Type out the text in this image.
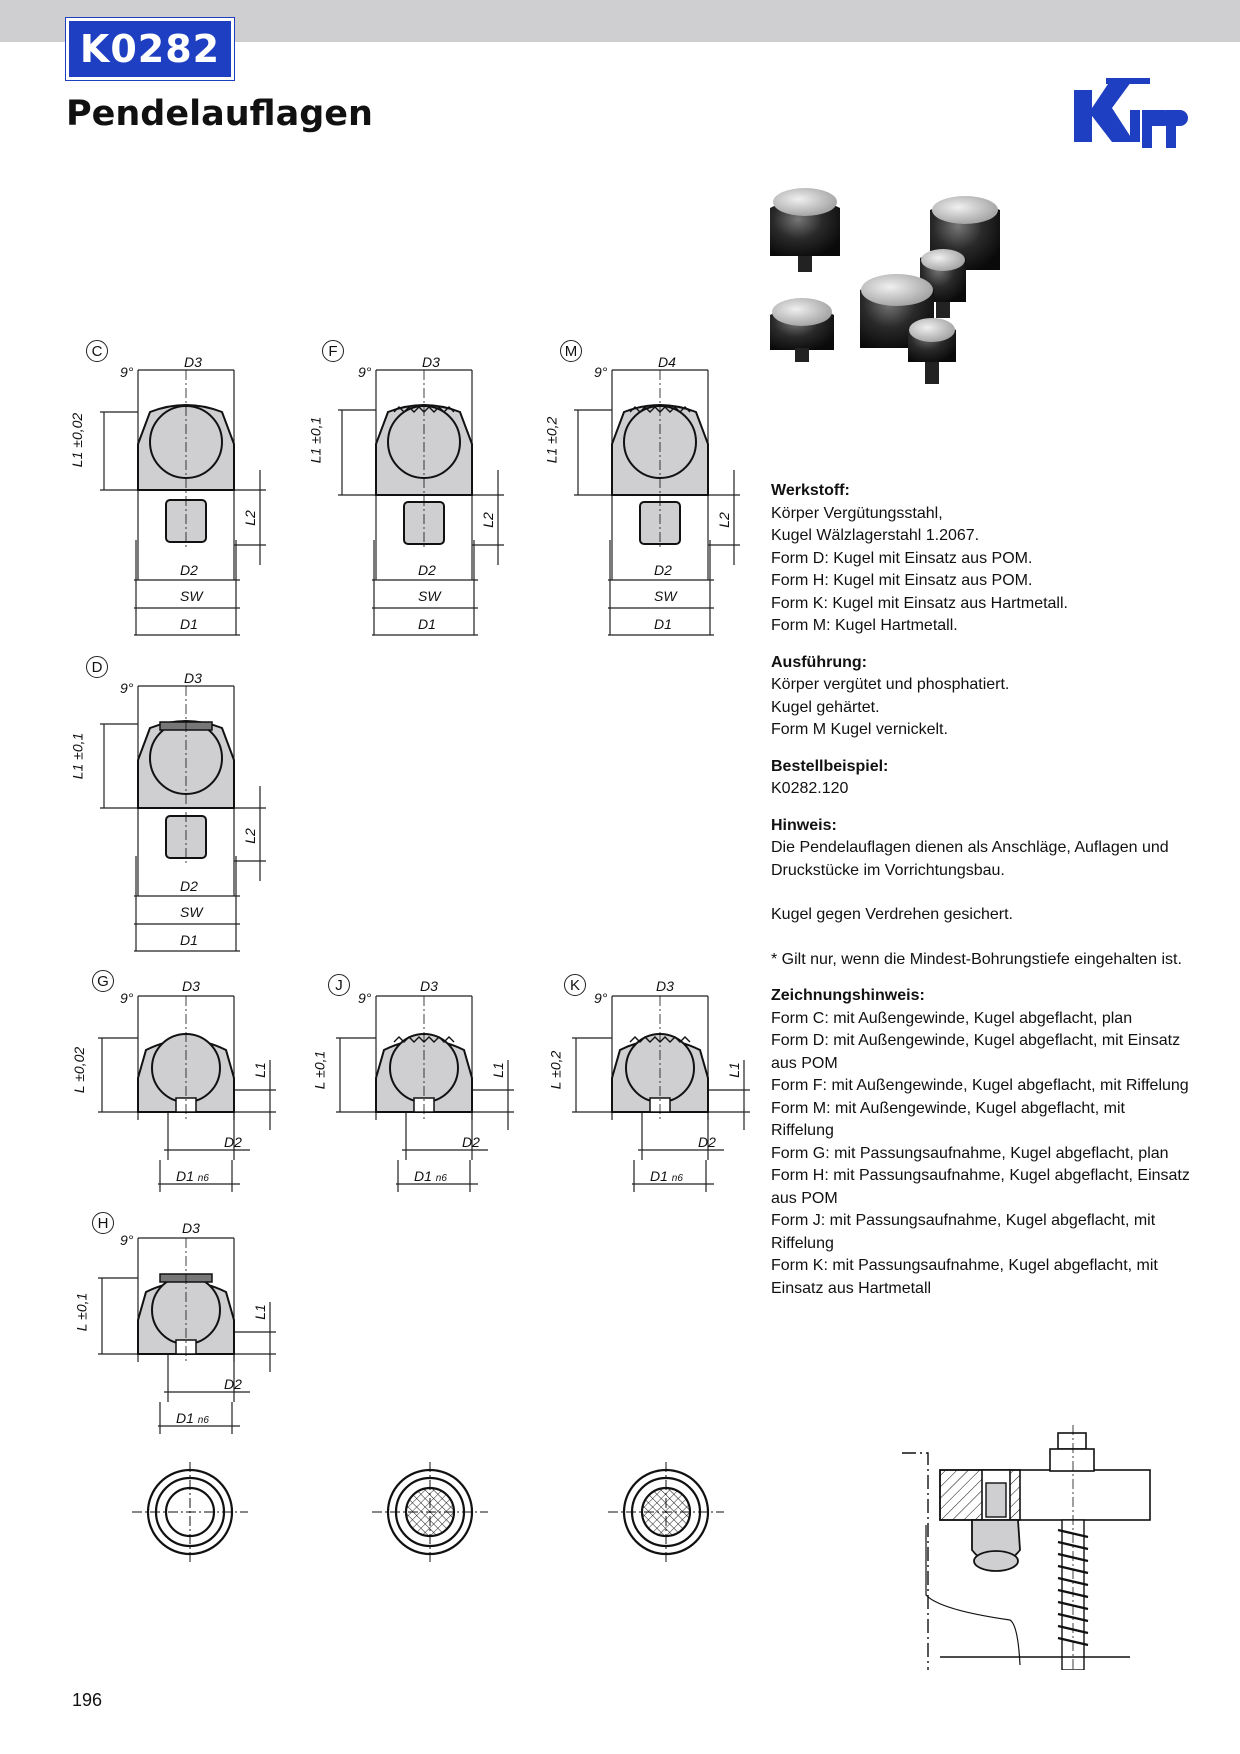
K0282
Pendelauflagen
D3
9°
L1 ±0,02
L2
D2
SW
D1
D3
9°
L1 ±0,1
L2
D2
SW
D1
D4
9°
L1 ±0,2
L2
D2
SW
D1
D3
9°
L1 ±0,1
L2
D2
SW
D1
D3
9°
L ±0,02	L1
D2
D1 n6
D3
9°
L ±0,1	L1
D2
D1 n6
D3
9°
L ±0,2	L1
D2
D1 n6
D3
9°
L ±0,1	L1
D2
D1 n6
C	F	M
D
G	J	K
H
Werkstoff:
Körper Vergütungsstahl,
Kugel Wälzlagerstahl 1.2067.
Form D: Kugel mit Einsatz aus POM.
Form H: Kugel mit Einsatz aus POM.
Form K: Kugel mit Einsatz aus Hartmetall.
Form M: Kugel Hartmetall.
Ausführung:
Körper vergütet und phosphatiert.
Kugel gehärtet.
Form M Kugel vernickelt.
Bestellbeispiel:
K0282.120
Hinweis:
Die Pendelauflagen dienen als Anschläge, Auflagen und Druckstücke im Vorrichtungsbau.
Kugel gegen Verdrehen gesichert.
* Gilt nur, wenn die Mindest-Bohrungstiefe eingehalten ist.
Zeichnungshinweis:
Form C: mit Außengewinde, Kugel abgeflacht, plan
Form D: mit Außengewinde, Kugel abgeflacht, mit Einsatz aus POM
Form F: mit Außengewinde, Kugel abgeflacht, mit Riffelung
Form M: mit Außengewinde, Kugel abgeflacht, mit Riffelung
Form G: mit Passungsaufnahme, Kugel abgeflacht, plan
Form H: mit Passungsaufnahme, Kugel abgeflacht, Einsatz aus POM
Form J: mit Passungsaufnahme, Kugel abgeflacht, mit Riffelung
Form K: mit Passungsaufnahme, Kugel abgeflacht, mit Einsatz aus Hartmetall
196
